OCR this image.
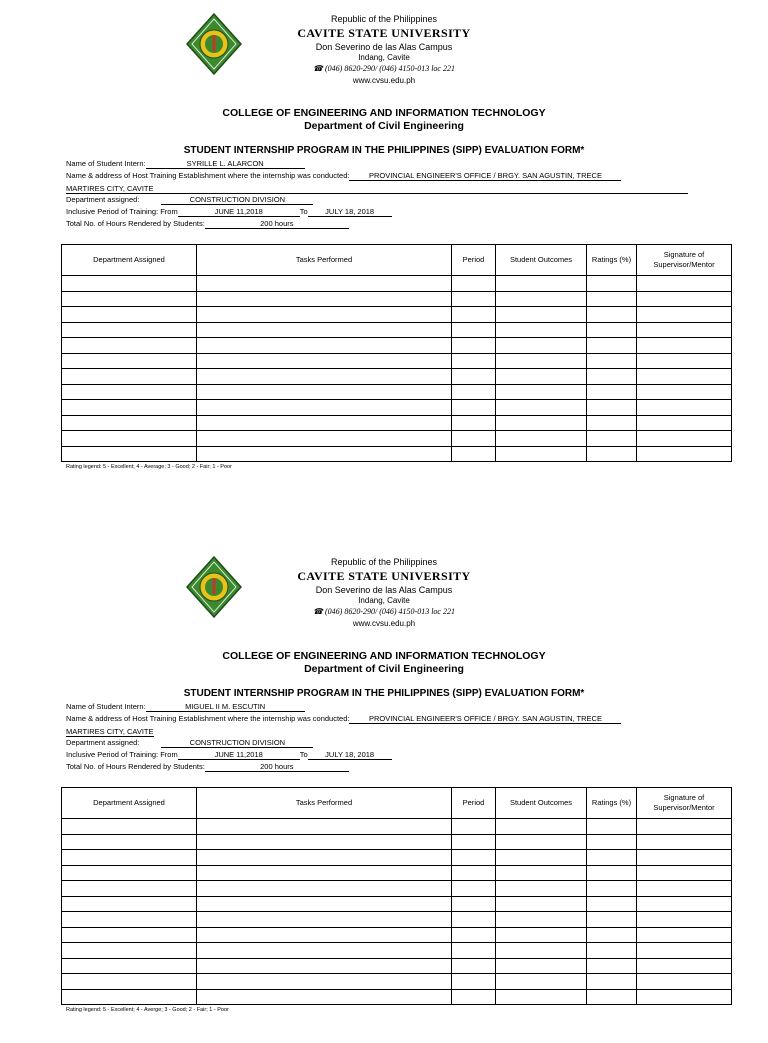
Republic of the Philippines
CAVITE STATE UNIVERSITY
Don Severino de las Alas Campus
Indang, Cavite
☎ (046) 8620-290/ (046) 4150-013 loc 221
www.cvsu.edu.ph
COLLEGE OF ENGINEERING AND INFORMATION TECHNOLOGY
Department of Civil Engineering
STUDENT INTERNSHIP PROGRAM IN THE PHILIPPINES (SIPP) EVALUATION FORM*
Name of Student Intern:	SYRILLE L. ALARCON
Name & address of Host Training Establishment where the internship was conducted:	PROVINCIAL ENGINEER'S OFFICE / BRGY. SAN AGUSTIN, TRECE
MARTIRES CITY, CAVITE
Department assigned:	CONSTRUCTION DIVISION
Inclusive Period of Training: From	JUNE 11,2018	To JULY 18, 2018
Total No. of Hours Rendered by Students:	200 hours
Department Assigned	Tasks Performed	Period	Student Outcomes	Ratings (%)	Signature of Supervisor/Mentor

Rating legend: 5 - Excellent; 4 - Average; 3 - Good; 2 - Fair; 1 - Poor
Republic of the Philippines
CAVITE STATE UNIVERSITY
Don Severino de las Alas Campus
Indang, Cavite
☎ (046) 8620-290/ (046) 4150-013 loc 221
www.cvsu.edu.ph
COLLEGE OF ENGINEERING AND INFORMATION TECHNOLOGY
Department of Civil Engineering
STUDENT INTERNSHIP PROGRAM IN THE PHILIPPINES (SIPP) EVALUATION FORM*
Name of Student Intern:	MIGUEL II M. ESCUTIN
Name & address of Host Training Establishment where the internship was conducted:	PROVINCIAL ENGINEER'S OFFICE / BRGY. SAN AGUSTIN, TRECE
MARTIRES CITY, CAVITE
Department assigned:	CONSTRUCTION DIVISION
Inclusive Period of Training: From	JUNE 11,2018	To JULY 18, 2018
Total No. of Hours Rendered by Students:	200 hours
Department Assigned	Tasks Performed	Period	Student Outcomes	Ratings (%)	Signature of Supervisor/Mentor

Rating legend: 5 - Excellent; 4 - Averge; 3 - Good; 2 - Fair; 1 - Poor
